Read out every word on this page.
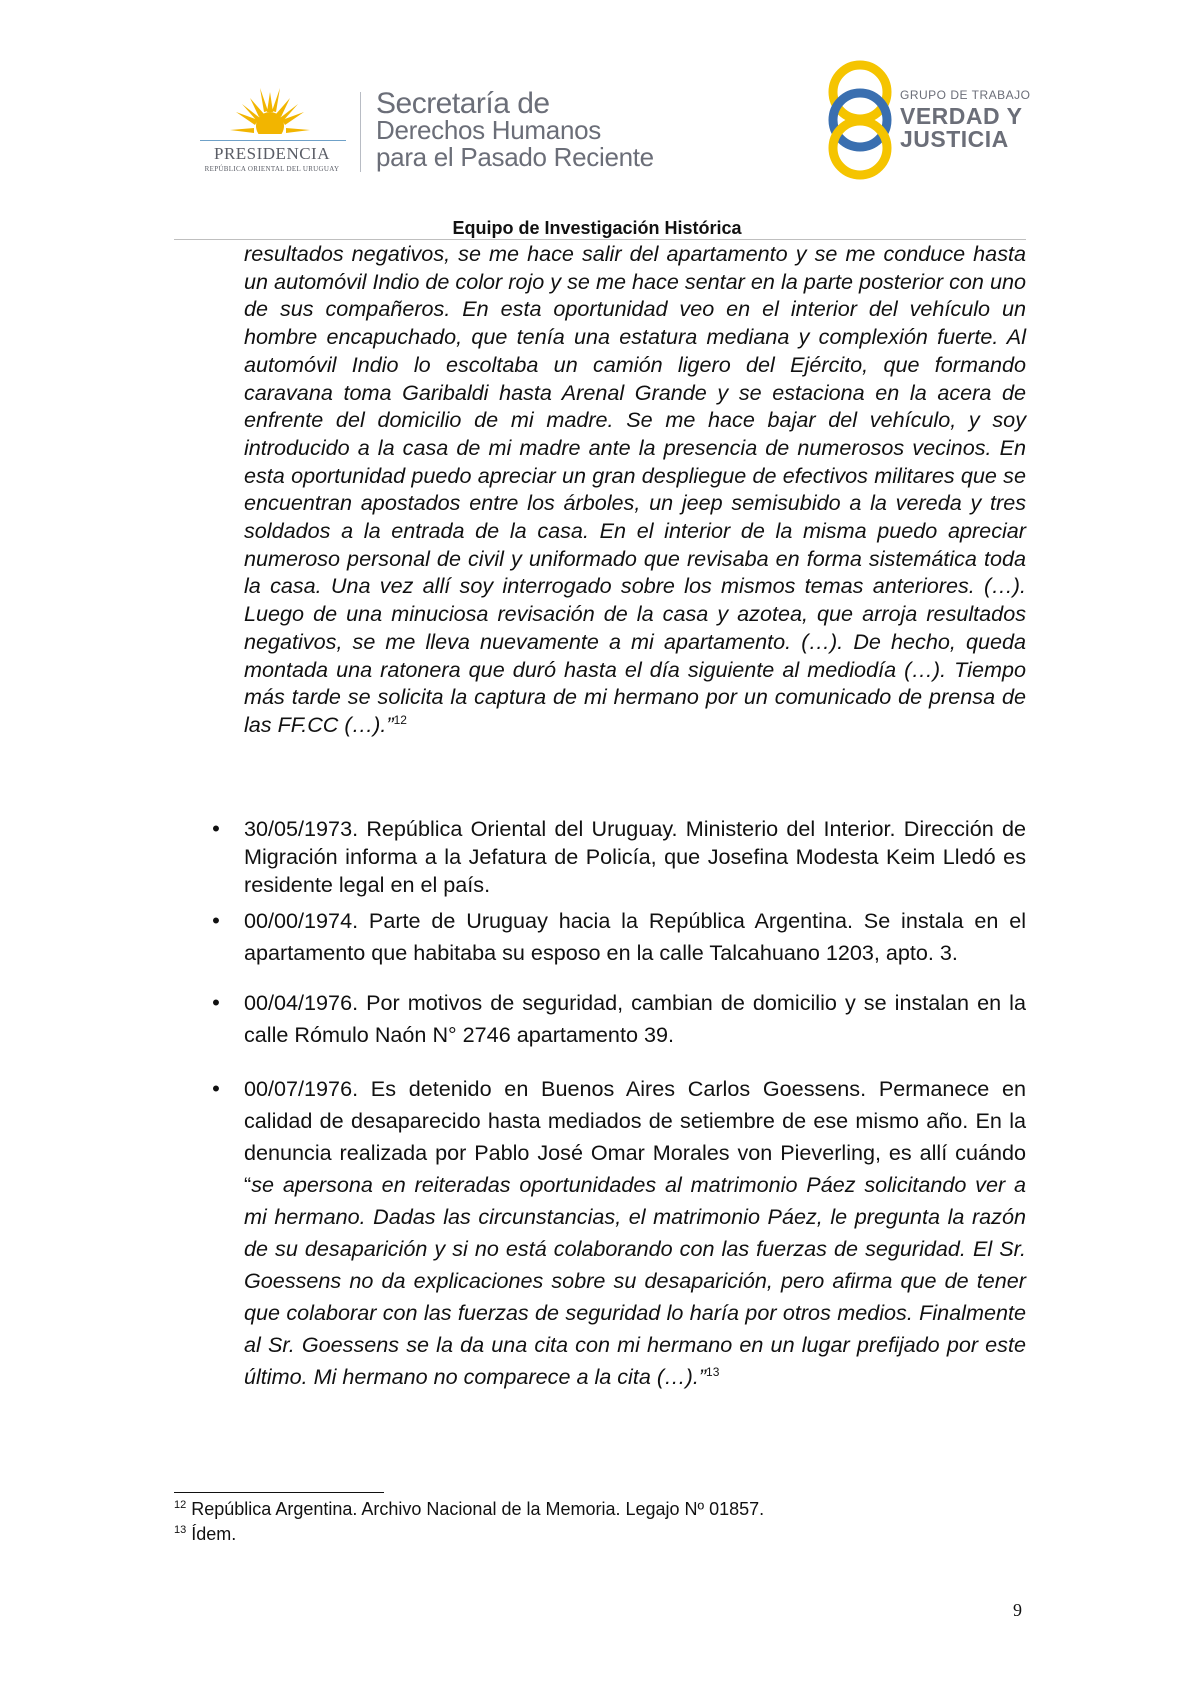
PRESIDENCIA
REPÚBLICA ORIENTAL DEL URUGUAY
Secretaría de
Derechos Humanos
para el Pasado Reciente
GRUPO DE TRABAJO
VERDAD Y
JUSTICIA
Equipo de Investigación Histórica

resultados negativos, se me hace salir del apartamento y se me conduce hasta un automóvil Indio de color rojo y se me hace sentar en la parte posterior con uno de sus compañeros. En esta oportunidad veo en el interior del vehículo un hombre encapuchado, que tenía una estatura mediana y complexión fuerte. Al automóvil Indio lo escoltaba un camión ligero del Ejército, que formando caravana toma Garibaldi hasta Arenal Grande y se estaciona en la acera de enfrente del domicilio de mi madre. Se me hace bajar del vehículo, y soy introducido a la casa de mi madre ante la presencia de numerosos vecinos. En esta oportunidad puedo apreciar un gran despliegue de efectivos militares que se encuentran apostados entre los árboles, un jeep semisubido a la vereda y tres soldados a la entrada de la casa. En el interior de la misma puedo apreciar numeroso personal de civil y uniformado que revisaba en forma sistemática toda la casa. Una vez allí soy interrogado sobre los mismos temas anteriores. (…). Luego de una minuciosa revisación de la casa y azotea, que arroja resultados negativos, se me lleva nuevamente a mi apartamento. (…). De hecho, queda montada una ratonera que duró hasta el día siguiente al mediodía (…). Tiempo más tarde se solicita la captura de mi hermano por un comunicado de prensa de las FF.CC (…).”$^{12}$

• 30/05/1973. República Oriental del Uruguay. Ministerio del Interior. Dirección de Migración informa a la Jefatura de Policía, que Josefina Modesta Keim Lledó es residente legal en el país.
• 00/00/1974. Parte de Uruguay hacia la República Argentina. Se instala en el apartamento que habitaba su esposo en la calle Talcahuano 1203, apto. 3.
• 00/04/1976. Por motivos de seguridad, cambian de domicilio y se instalan en la calle Rómulo Naón N° 2746 apartamento 39.
• 00/07/1976. Es detenido en Buenos Aires Carlos Goessens. Permanece en calidad de desaparecido hasta mediados de setiembre de ese mismo año. En la denuncia realizada por Pablo José Omar Morales von Pieverling, es allí cuándo “se apersona en reiteradas oportunidades al matrimonio Páez solicitando ver a mi hermano. Dadas las circunstancias, el matrimonio Páez, le pregunta la razón de su desaparición y si no está colaborando con las fuerzas de seguridad. El Sr. Goessens no da explicaciones sobre su desaparición, pero afirma que de tener que colaborar con las fuerzas de seguridad lo haría por otros medios. Finalmente al Sr. Goessens se la da una cita con mi hermano en un lugar prefijado por este último. Mi hermano no comparece a la cita (…).”$^{13}$
$^{12}$ República Argentina. Archivo Nacional de la Memoria. Legajo Nº 01857.
$^{13}$ Ídem.
9
